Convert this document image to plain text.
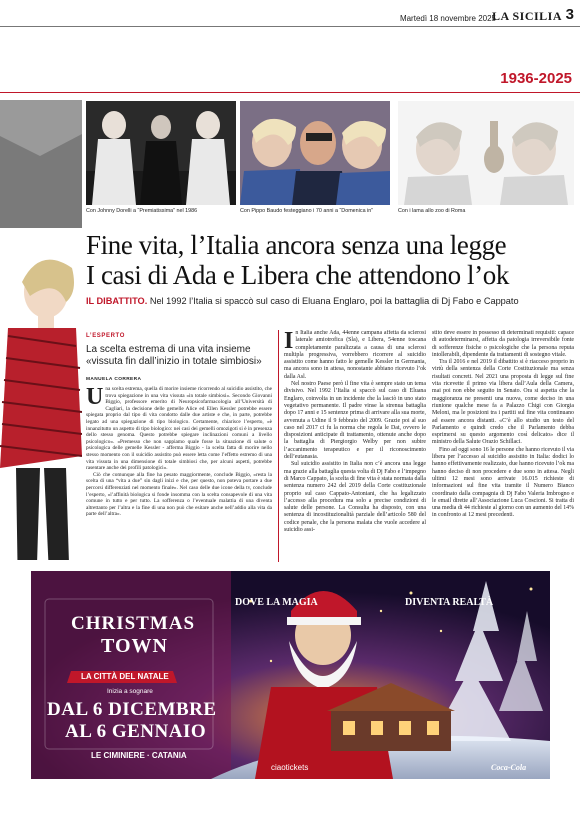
Martedì 18 novembre 2025
LA SICILIA 3
1936-2025
Con Johnny Dorelli a “Premiatissima” nel 1986	Con Pippo Baudo festeggiano i 70 anni a “Domenica in”	Con i lama allo zoo di Roma
Fine vita, l’Italia ancora senza una legge
I casi di Ada e Libera che attendono l’ok
IL DIBATTITO. Nel 1992 l’Italia si spaccò sul caso di Eluana Englaro, poi la battaglia di Dj Fabo e Cappato
L’ESPERTO
La scelta estrema di una vita insieme «vissuta fin dall’inizio in totale simbiosi»
MANUELA CORRERA

Una scelta estrema, quella di morire insieme ricorrendo al suicidio assistito, che trova spiegazione in una vita vissuta «in totale simbiosi». Secondo Giovanni Biggio, professore emerito di Neuropsicofarmacologia all’Università di Cagliari, la decisione delle gemelle Alice ed Ellen Kessler potrebbe essere spiegata proprio dal tipo di vita condotto dalle due artiste e che, in parte, potrebbe legato ad una spiegazione di tipo biologico. Certamente, chiarisce l’esperto, «è innanzitutto un aspetto di tipo biologico: nei casi dei gemelli omozigoti si è in presenza dello stesso genoma. Questo potrebbe spiegare inclinazioni comuni a livello psicologico». «Premesso che non sappiamo quale fosse la situazione di salute o psicologica delle gemelle Kessler - afferma Biggio - la scelta fatta di morire nello stesso momento con il suicidio assistito può essere letta come l’effetto estremo di una vita vissuta in una dimensione di totale simbiosi che, per alcuni aspetti, potrebbe rasentare anche dei profili patologici».

Ciò che comunque alla fine ha pesato maggiormente, conclude Biggio, «resta la scelta di una “vita a due” sin dagli inizi e che, per questo, non poteva portare a due percorsi differenziati nel momento finale». Nel caso delle due icone della tv, conclude l’esperto, «l’affinità biologica si fonde insomma con la scelta consapevole di una vita comune in tutto e per tutto. La sofferenza o l’eventuale malattia di una diventa altrettanto per l’altra e la fine di una non può che esitare anche nell’addio alla vita da parte dell’altra».

In Italia anche Ada, 44enne campana affetta da sclerosi laterale amiotrofica (Sla), e Libera, 54enne toscana completamente paralizzata a causa di una sclerosi multipla progressiva, vorrebbero ricorrere al suicidio assistito come hanno fatto le gemelle Kessler in Germania, ma ancora sono in attesa, nonostante abbiano ricevuto l’ok dalla Asl.

Nel nostro Paese però il fine vita è sempre stato un tema divisivo. Nel 1992 l’Italia si spaccò sul caso di Eluana Englaro, coinvolta in un incidente che la lasciò in uno stato vegetativo permanente. Il padre vinse la strenua battaglia dopo 17 anni e 15 sentenze prima di arrivare alla sua morte, avvenuta a Udine il 9 febbraio del 2009. Grazie poi al suo caso nel 2017 ci fu la norma che regola le Dat, ovvero le disposizioni anticipate di trattamento, ottenute anche dopo la battaglia di Piergiorgio Welby per non subire l’accanimento terapeutico e per il riconoscimento dell’eutanasia.

Sul suicidio assistito in Italia non c’è ancora una legge ma grazie alla battaglia questa volta di Dj Fabo e l’impegno di Marco Cappato, la scelta di fine vita è stata normata dalla sentenza numero 242 del 2019 della Corte costituzionale proprio sul caso Cappato-Antoniani, che ha legalizzato l’accesso alla procedura ma solo a precise condizioni di salute delle persone. La Consulta ha disposto, con una sentenza di incostituzionalità parziale dell’articolo 580 del codice penale, che la persona malata che vuole accedere al suicidio assi-

stito deve essere in possesso di determinati requisiti: capace di autodeterminarsi, affetta da patologia irreversibile fonte di sofferenze fisiche o psicologiche che la persona reputa intollerabili, dipendente da trattamenti di sostegno vitale.

Tra il 2016 e nel 2019 il dibattito si è riacceso proprio in virtù della sentenza della Corte Costituzionale ma senza risultati concreti. Nel 2021 una proposta di legge sul fine vita ricevette il primo via libera dall’Aula della Camera, mai poi non ebbe seguito in Senato. Ora si aspetta che la maggioranza ne presenti una nuova, come deciso in una riunione qualche mese fa a Palazzo Chigi con Giorgia Meloni, ma le posizioni tra i partiti sul fine vita continuano ad essere ancora distanti. «C’è allo studio un testo del Parlamento e quindi credo che il Parlamento debba esprimersi su questo argomento così delicato» dice il ministro della Salute Orazio Schillaci.

Fino ad oggi sono 16 le persone che hanno ricevuto il via libera per l’accesso al suicidio assistito in Italia: dodici lo hanno effettivamente realizzato, due hanno ricevuto l’ok ma hanno deciso di non procedere e due sono in attesa. Negli ultimi 12 mesi sono arrivate 16.015 richieste di informazioni sul fine vita tramite il Numero Bianco coordinato dalla compagnia di Dj Fabo Valeria Imbrogno e le email dirette all’Associazione Luca Coscioni. Si tratta di una media di 44 richieste al giorno con un aumento del 14% in confronto ai 12 mesi precedenti.

CHRISTMAS
TOWN
LA CITTÀ DEL NATALE
Inizia a sognare
DAL 6 DICEMBRE
AL 6 GENNAIO
LE CIMINIERE · CATANIA
DOVE LA MAGIA	DIVENTA REALTÀ
ciaotickets	Coca-Cola
